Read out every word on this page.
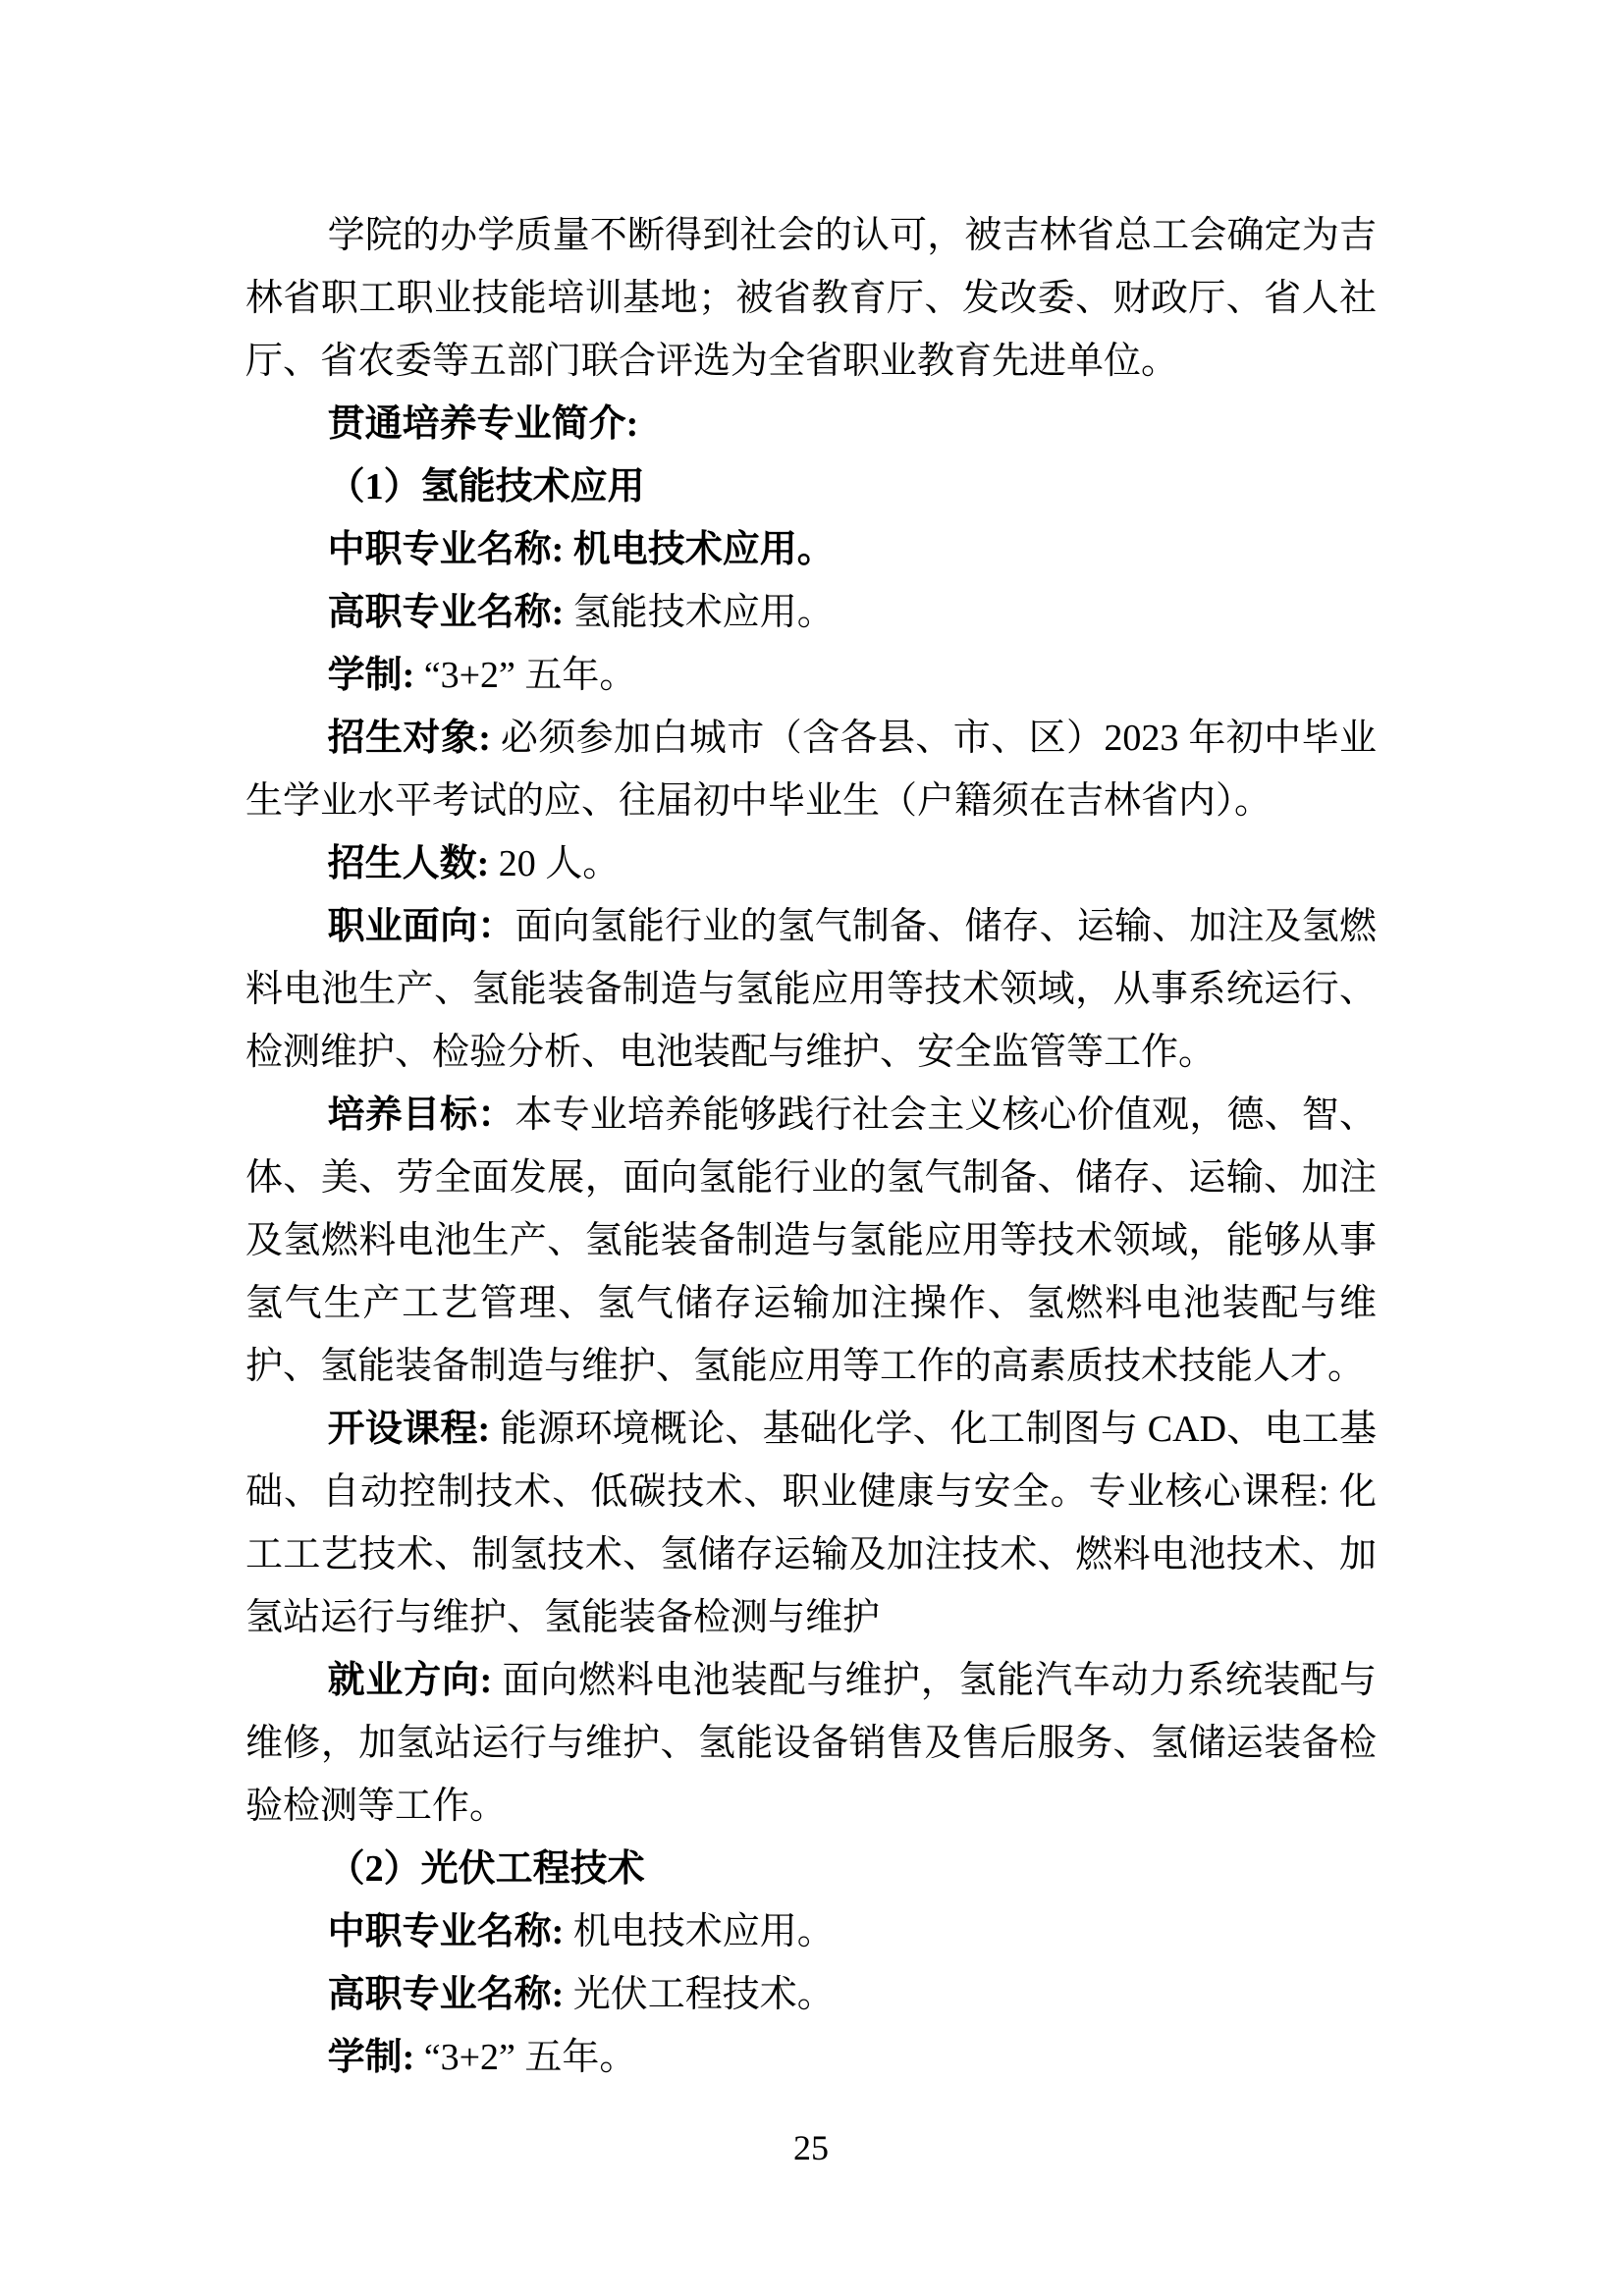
学院的办学质量不断得到社会的认可，被吉林省总工会确定为吉林省职工职业技能培训基地；被省教育厅、发改委、财政厅、省人社厅、省农委等五部门联合评选为全省职业教育先进单位。

贯通培养专业简介:

（1）氢能技术应用

中职专业名称: 机电技术应用。

高职专业名称: 氢能技术应用。

学制: “3+2” 五年。

招生对象: 必须参加白城市（含各县、市、区）2023 年初中毕业生学业水平考试的应、往届初中毕业生（户籍须在吉林省内）。

招生人数: 20 人。

职业面向：面向氢能行业的氢气制备、储存、运输、加注及氢燃料电池生产、氢能装备制造与氢能应用等技术领域，从事系统运行、检测维护、检验分析、电池装配与维护、安全监管等工作。

培养目标：本专业培养能够践行社会主义核心价值观，德、智、体、美、劳全面发展，面向氢能行业的氢气制备、储存、运输、加注及氢燃料电池生产、氢能装备制造与氢能应用等技术领域，能够从事氢气生产工艺管理、氢气储存运输加注操作、氢燃料电池装配与维护、氢能装备制造与维护、氢能应用等工作的高素质技术技能人才。

开设课程: 能源环境概论、基础化学、化工制图与 CAD、电工基础、自动控制技术、低碳技术、职业健康与安全。专业核心课程: 化工工艺技术、制氢技术、氢储存运输及加注技术、燃料电池技术、加氢站运行与维护、氢能装备检测与维护

就业方向: 面向燃料电池装配与维护，氢能汽车动力系统装配与维修，加氢站运行与维护、氢能设备销售及售后服务、氢储运装备检验检测等工作。

（2）光伏工程技术

中职专业名称: 机电技术应用。

高职专业名称: 光伏工程技术。

学制: “3+2” 五年。

25
